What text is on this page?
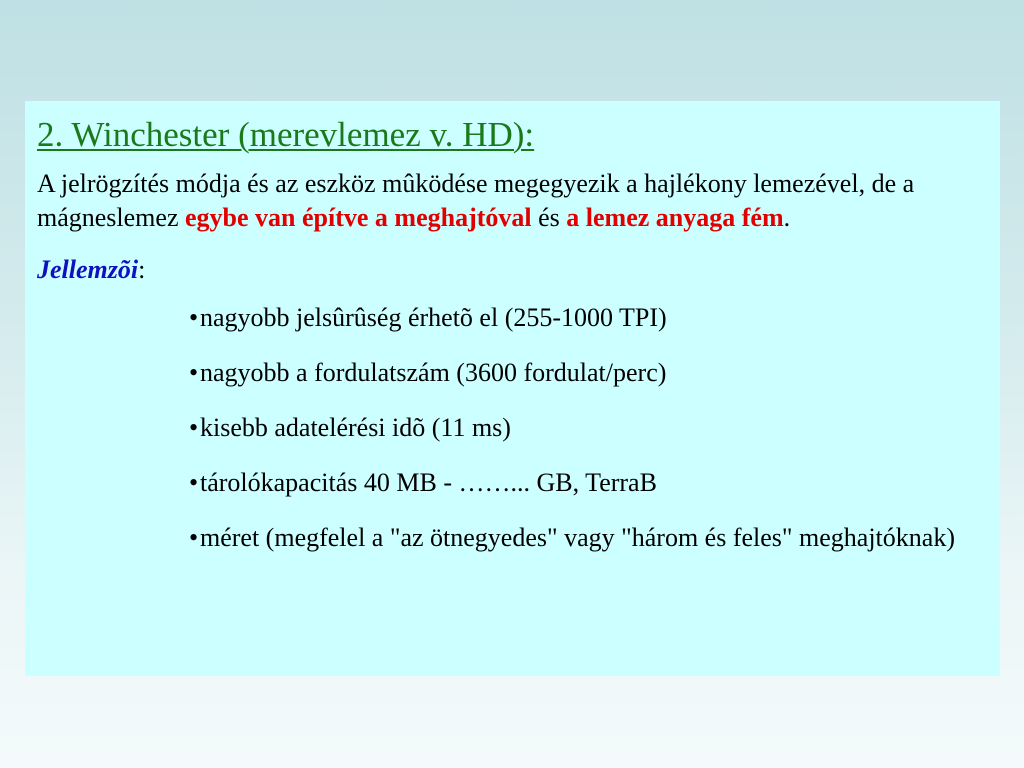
2. Winchester (merevlemez v. HD):

A jelrögzítés módja és az eszköz mûködése megegyezik a hajlékony lemezével, de a mágneslemez egybe van építve a meghajtóval és a lemez anyaga fém.

Jellemzõi:

•nagyobb jelsûrûség érhetõ el (255-1000 TPI)
•nagyobb a fordulatszám (3600 fordulat/perc)
•kisebb adatelérési idõ (11 ms)
•tárolókapacitás 40 MB - ……... GB, TerraB
•méret (megfelel a "az ötnegyedes" vagy "három és feles" meghajtóknak)
